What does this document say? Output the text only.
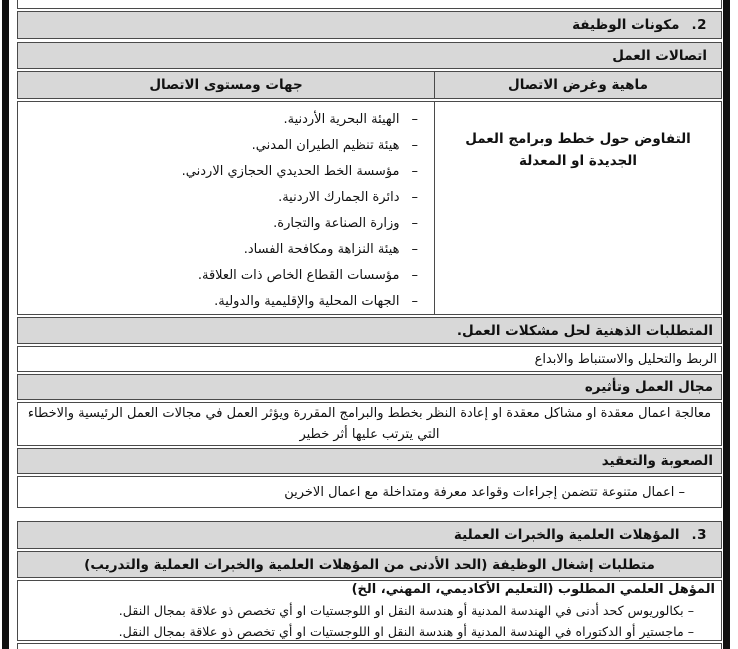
2.
مكونات الوظيفة
اتصالات العمل
ماهية وغرض الاتصال
جهات ومستوى الاتصال
التفاوض حول خطط وبرامج العمل الجديدة او المعدلة
–
الهيئة البحرية الأردنية.
–
هيئة تنظيم الطيران المدني.
–
مؤسسة الخط الحديدي الحجازي الاردني.
–
دائرة الجمارك الاردنية.
–
وزارة الصناعة والتجارة.
–
هيئة النزاهة ومكافحة الفساد.
–
مؤسسات القطاع الخاص ذات العلاقة.
–
الجهات المحلية والإقليمية والدولية.
المتطلبات الذهنية لحل مشكلات العمل.
الربط والتحليل والاستنباط والابداع
مجال العمل وتأثيره
معالجة اعمال معقدة او مشاكل معقدة او إعادة النظر بخطط والبرامج المقررة ويؤثر العمل في مجالات العمل الرئيسية والاخطاء التي يترتب عليها أثر خطير
الصعوبة والتعقيد
– اعمال متنوعة تتضمن إجراءات وقواعد معرفة ومتداخلة مع اعمال الاخرين
3.
المؤهلات العلمية والخبرات العملية
متطلبات إشغال الوظيفة (الحد الأدنى من المؤهلات العلمية والخبرات العملية والتدريب)
المؤهل العلمي المطلوب (التعليم الأكاديمي، المهني، الخ)
– بكالوريوس كحد أدنى في الهندسة المدنية أو هندسة النقل او اللوجستيات او أي تخصص ذو علاقة بمجال النقل.
– ماجستير أو الدكتوراه في الهندسة المدنية أو هندسة النقل او اللوجستيات او أي تخصص ذو علاقة بمجال النقل.
